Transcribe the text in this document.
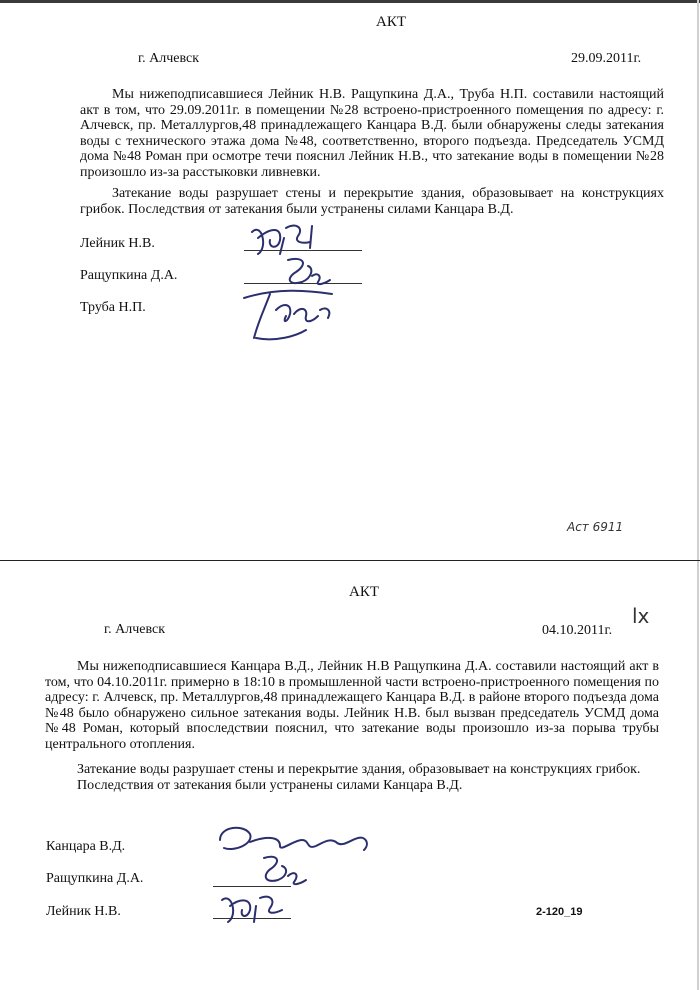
АКТ
г. Алчевск	29.09.2011г.

Мы нижеподписавшиеся Лейник Н.В. Ращупкина Д.А., Труба Н.П. составили настоящий акт в том, что 29.09.2011г. в помещении №28 встроено-пристроенного помещения по адресу: г. Алчевск, пр. Металлургов,48 принадлежащего Канцара В.Д. были обнаружены следы затекания воды с технического этажа дома №48, соответственно, второго подъезда. Председатель УСМД дома №48 Роман при осмотре течи пояснил Лейник Н.В., что затекание воды в помещении №28 произошло из-за расстыковки ливневки.

Затекание воды разрушает стены и перекрытие здания, образовывает на конструкциях грибок. Последствия от затекания были устранены силами Канцара В.Д.

Лейник Н.В.
Ращупкина Д.А.
Труба Н.П.
Acт 6911
АКТ
г. Алчевск	04.10.2011г.
lx

Мы нижеподписавшиеся Канцара В.Д., Лейник Н.В Ращупкина Д.А. составили настоящий акт в том, что 04.10.2011г. примерно в 18:10 в промышленной части встроено-пристроенного помещения по адресу: г. Алчевск, пр. Металлургов,48 принадлежащего Канцара В.Д. в районе второго подъезда дома №48 было обнаружено сильное затекания воды. Лейник Н.В. был вызван председатель УСМД дома №48 Роман, который впоследствии пояснил, что затекание воды произошло из-за порыва трубы центрального отопления.

Затекание воды разрушает стены и перекрытие здания, образовывает на конструкциях грибок.

Последствия от затекания были устранены силами Канцара В.Д.

Канцара В.Д.
Ращупкина Д.А.
Лейник Н.В.	2-120_19
